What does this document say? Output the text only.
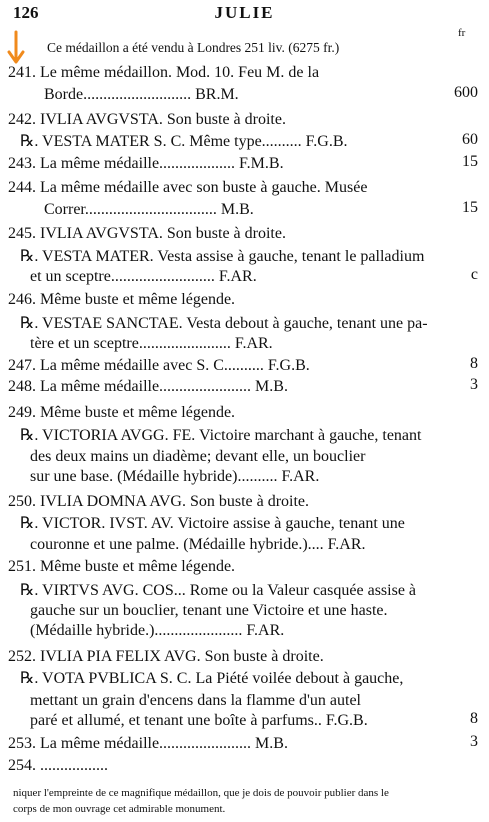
126	JULIE
fr
Ce médaillon a été vendu à Londres 251 liv. (6275 fr.)
241. Le même médaillon. Mod. 10. Feu M. de la
Borde........................... BR.M.	600
242. IVLIA AVGVSTA. Son buste à droite.
℞. VESTA MATER S. C. Même type.......... F.G.B.	60
243. La même médaille................... F.M.B.	15
244. La même médaille avec son buste à gauche. Musée
Correr................................. M.B.	15
245. IVLIA AVGVSTA. Son buste à droite.
℞. VESTA MATER. Vesta assise à gauche, tenant le palladium
et un sceptre.......................... F.AR.	c
246. Même buste et même légende.
℞. VESTAE SANCTAE. Vesta debout à gauche, tenant une pa-
tère et un sceptre....................... F.AR.
247. La même médaille avec S. C.......... F.G.B.	8
248. La même médaille....................... M.B.	3
249. Même buste et même légende.
℞. VICTORIA AVGG. FE. Victoire marchant à gauche, tenant
des deux mains un diadème; devant elle, un bouclier
sur une base. (Médaille hybride).......... F.AR.
250. IVLIA DOMNA AVG. Son buste à droite.
℞. VICTOR. IVST. AV. Victoire assise à gauche, tenant une
couronne et une palme. (Médaille hybride.).... F.AR.
251. Même buste et même légende.
℞. VIRTVS AVG. COS... Rome ou la Valeur casquée assise à
gauche sur un bouclier, tenant une Victoire et une haste.
(Médaille hybride.)...................... F.AR.
252. IVLIA PIA FELIX AVG. Son buste à droite.
℞. VOTA PVBLICA S. C. La Piété voilée debout à gauche,
mettant un grain d'encens dans la flamme d'un autel
paré et allumé, et tenant une boîte à parfums.. F.G.B.	8
253. La même médaille....................... M.B.	3
254. .................
niquer l'empreinte de ce magnifique médaillon, que je dois de pouvoir publier dans le
corps de mon ouvrage cet admirable monument.
